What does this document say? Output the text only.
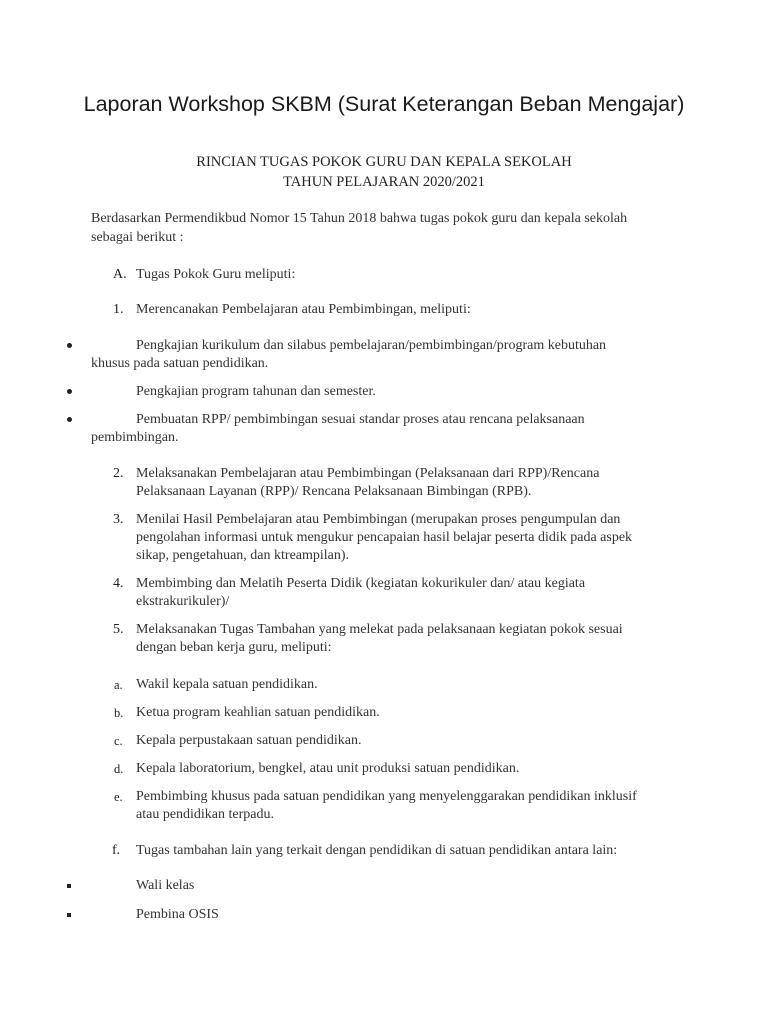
Laporan Workshop SKBM (Surat Keterangan Beban Mengajar)
RINCIAN TUGAS POKOK GURU DAN KEPALA SEKOLAH
TAHUN PELAJARAN 2020/2021
Berdasarkan Permendikbud Nomor 15 Tahun 2018 bahwa tugas pokok guru dan kepala sekolah
sebagai berikut :
A. Tugas Pokok Guru meliputi:
1. Merencanakan Pembelajaran atau Pembimbingan, meliputi:
Pengkajian kurikulum dan silabus pembelajaran/pembimbingan/program kebutuhan
khusus pada satuan pendidikan.
Pengkajian program tahunan dan semester.
Pembuatan RPP/ pembimbingan sesuai standar proses atau rencana pelaksanaan
pembimbingan.
2. Melaksanakan Pembelajaran atau Pembimbingan (Pelaksanaan dari RPP)/Rencana
Pelaksanaan Layanan (RPP)/ Rencana Pelaksanaan Bimbingan (RPB).
3. Menilai Hasil Pembelajaran atau Pembimbingan (merupakan proses pengumpulan dan
pengolahan informasi untuk mengukur pencapaian hasil belajar peserta didik pada aspek
sikap, pengetahuan, dan ktreampilan).
4. Membimbing dan Melatih Peserta Didik (kegiatan kokurikuler dan/ atau kegiata
ekstrakurikuler)/
5. Melaksanakan Tugas Tambahan yang melekat pada pelaksanaan kegiatan pokok sesuai
dengan beban kerja guru, meliputi:
a. Wakil kepala satuan pendidikan.
b. Ketua program keahlian satuan pendidikan.
c. Kepala perpustakaan satuan pendidikan.
d. Kepala laboratorium, bengkel, atau unit produksi satuan pendidikan.
e. Pembimbing khusus pada satuan pendidikan yang menyelenggarakan pendidikan inklusif
atau pendidikan terpadu.
f. Tugas tambahan lain yang terkait dengan pendidikan di satuan pendidikan antara lain:
Wali kelas
Pembina OSIS
